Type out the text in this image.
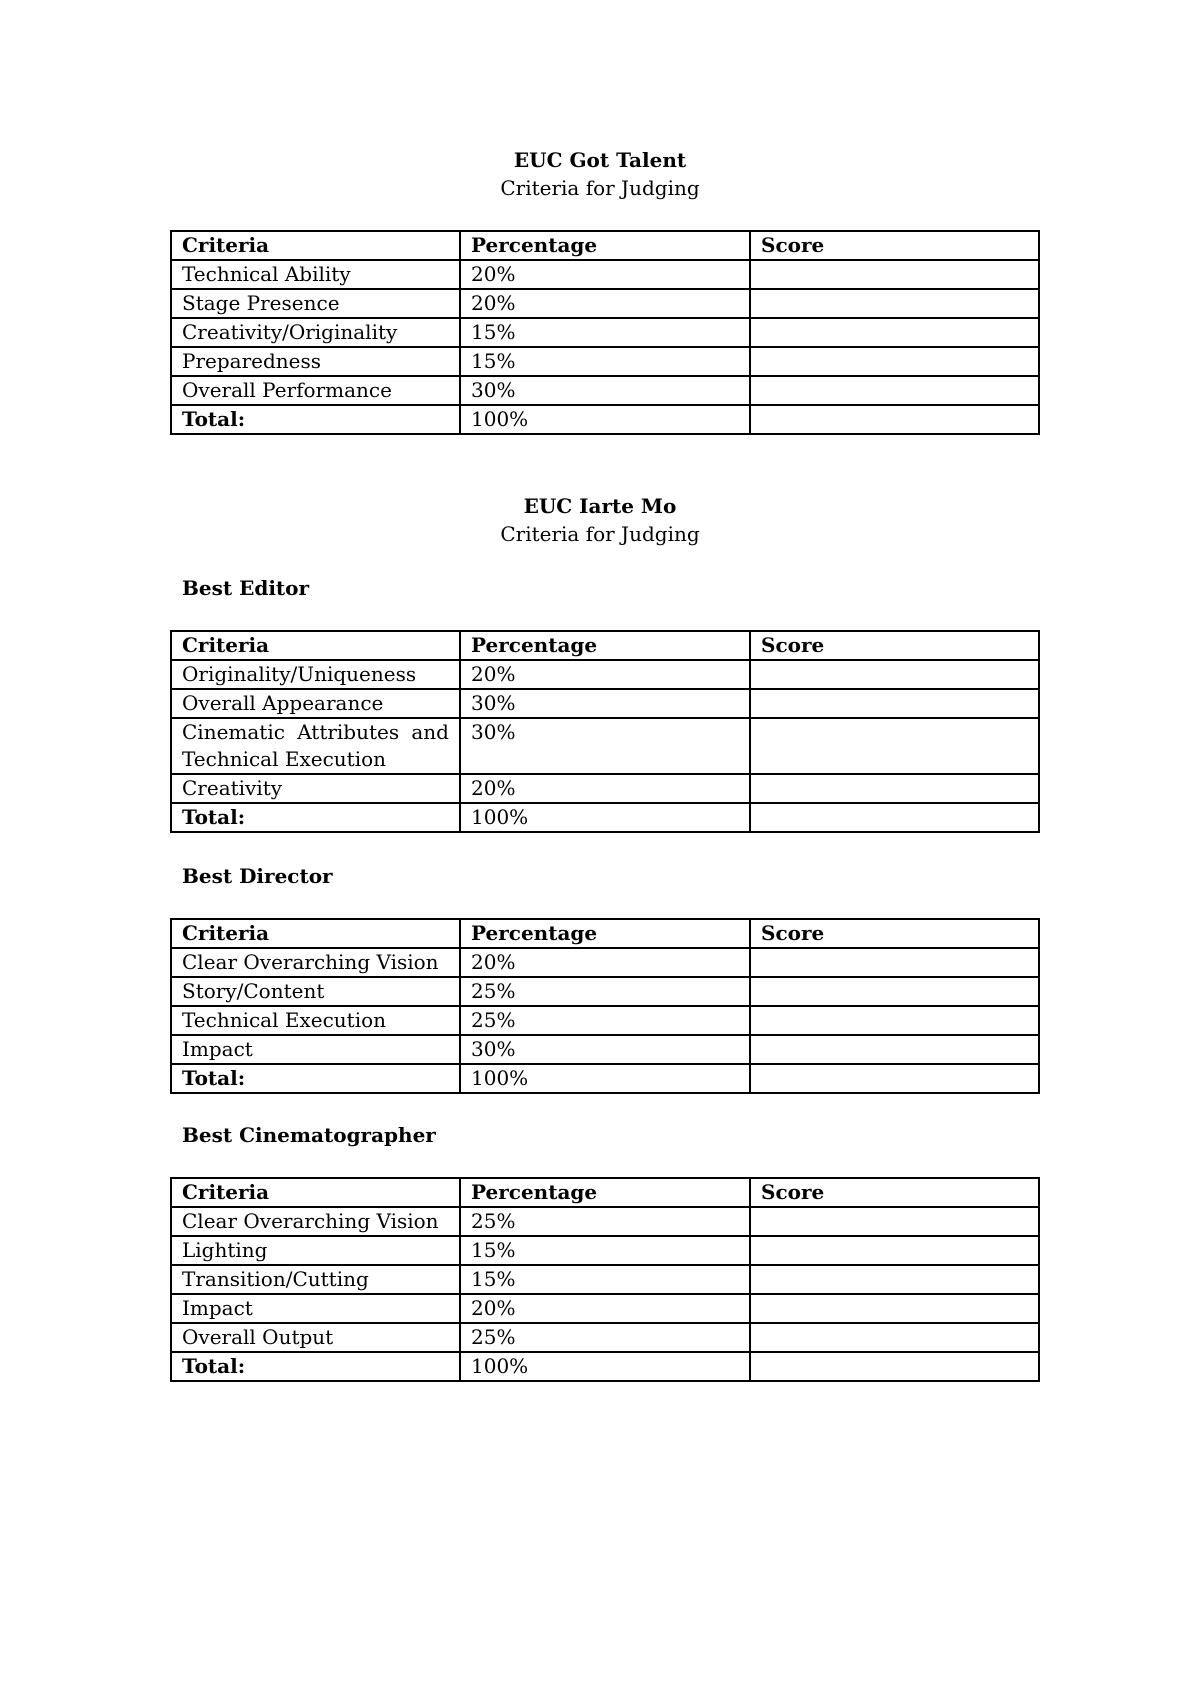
EUC Got Talent
Criteria for Judging
Criteria	Percentage	Score
Technical Ability	20%	
Stage Presence	20%	
Creativity/Originality	15%	
Preparedness	15%	
Overall Performance	30%	
Total:	100%	
EUC Iarte Mo
Criteria for Judging
Best Editor
Criteria	Percentage	Score
Originality/Uniqueness	20%	
Overall Appearance	30%	
Cinematic Attributes and Technical Execution	30%	
Creativity	20%	
Total:	100%	
Best Director
Criteria	Percentage	Score
Clear Overarching Vision	20%	
Story/Content	25%	
Technical Execution	25%	
Impact	30%	
Total:	100%	
Best Cinematographer
Criteria	Percentage	Score
Clear Overarching Vision	25%	
Lighting	15%	
Transition/Cutting	15%	
Impact	20%	
Overall Output	25%	
Total:	100%	
